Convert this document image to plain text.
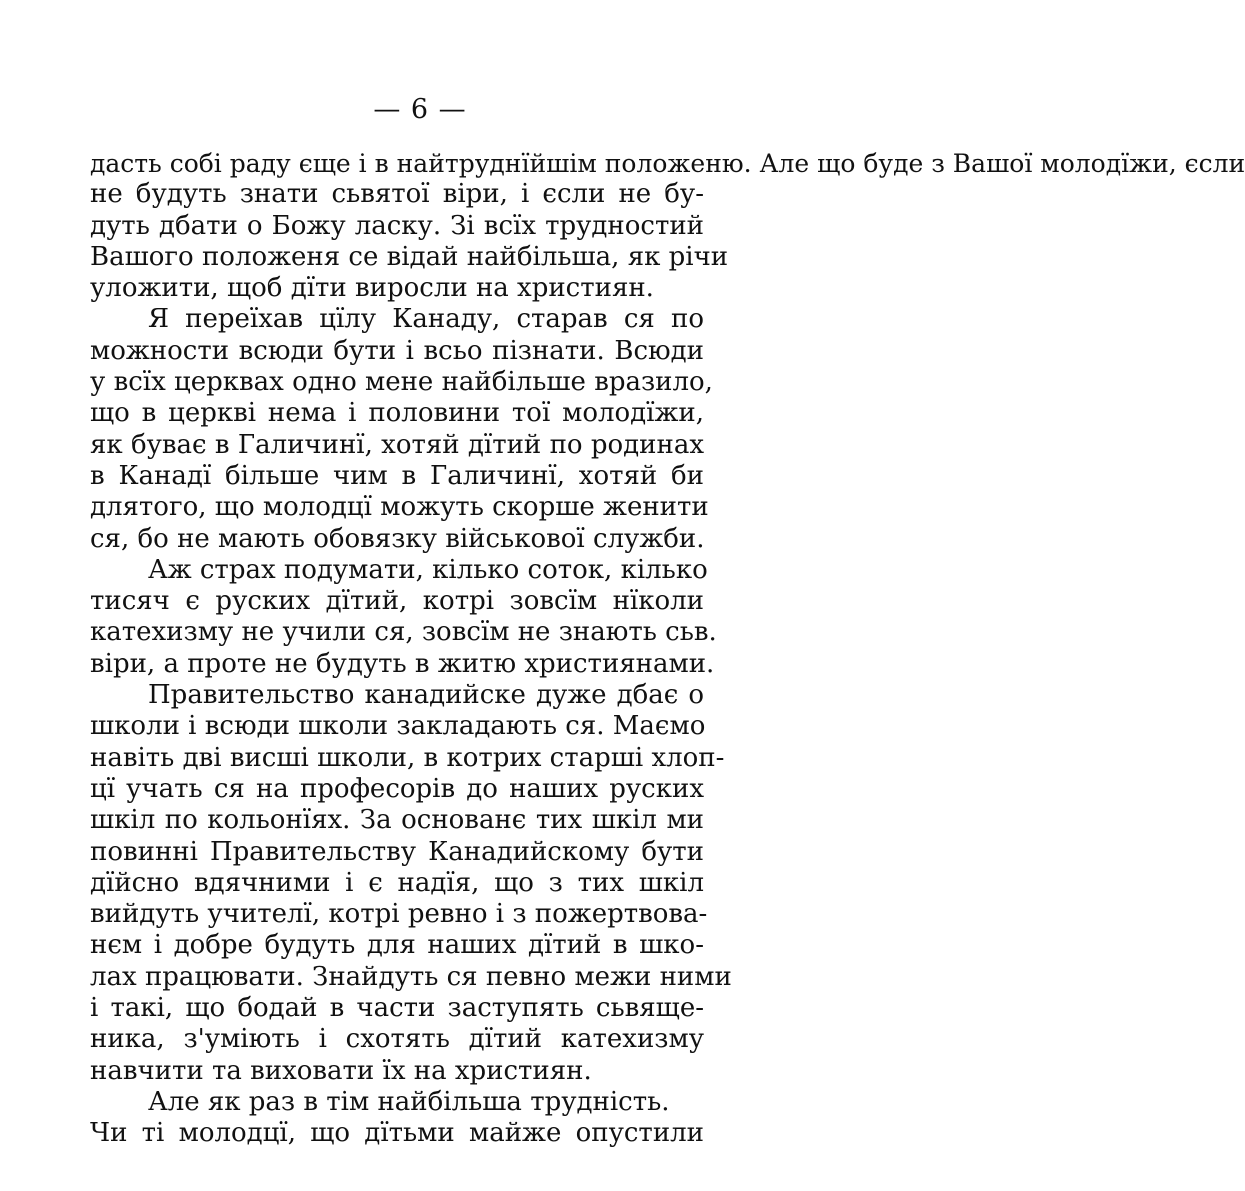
— 6 —
дасть собі раду єще і в найтруднїйшім положеню. Але що буде з Вашої молодїжи, єсли
не будуть знати сьвятої віри, і єсли не бу-
дуть дбати о Божу ласку. Зі всїх трудностий
Вашого положеня се відай найбільша, як річи
уложити, щоб дїти виросли на християн.
Я переїхав цїлу Канаду, старав ся по
можности всюди бути і всьо пізнати. Всюди
у всїх церквах одно мене найбільше вразило,
що в церкві нема і половини тої молодїжи,
як буває в Галичинї, хотяй дїтий по родинах
в Канадї більше чим в Галичинї, хотяй би
длятого, що молодцї можуть скорше женити
ся, бо не мають обовязку військової служби.
Аж страх подумати, кілько соток, кілько
тисяч є руских дїтий, котрі зовсїм нїколи
катехизму не учили ся, зовсїм не знають сьв.
віри, а проте не будуть в житю християнами.
Правительство канадийске дуже дбає о
школи і всюди школи закладають ся. Маємо
навіть дві висші школи, в котрих старші хлоп-
цї учать ся на професорів до наших руских
шкіл по кольонїях. За основанє тих шкіл ми
повинні Правительству Канадийскому бути
дїйсно вдячними і є надїя, що з тих шкіл
вийдуть учителї, котрі ревно і з пожертвова-
нєм і добре будуть для наших дїтий в шко-
лах працювати. Знайдуть ся певно межи ними
і такі, що бодай в части заступять сьвяще-
ника, з'уміють і схотять дїтий катехизму
навчити та виховати їх на християн.
Але як раз в тім найбільша трудність.
Чи ті молодцї, що дїтьми майже опустили
